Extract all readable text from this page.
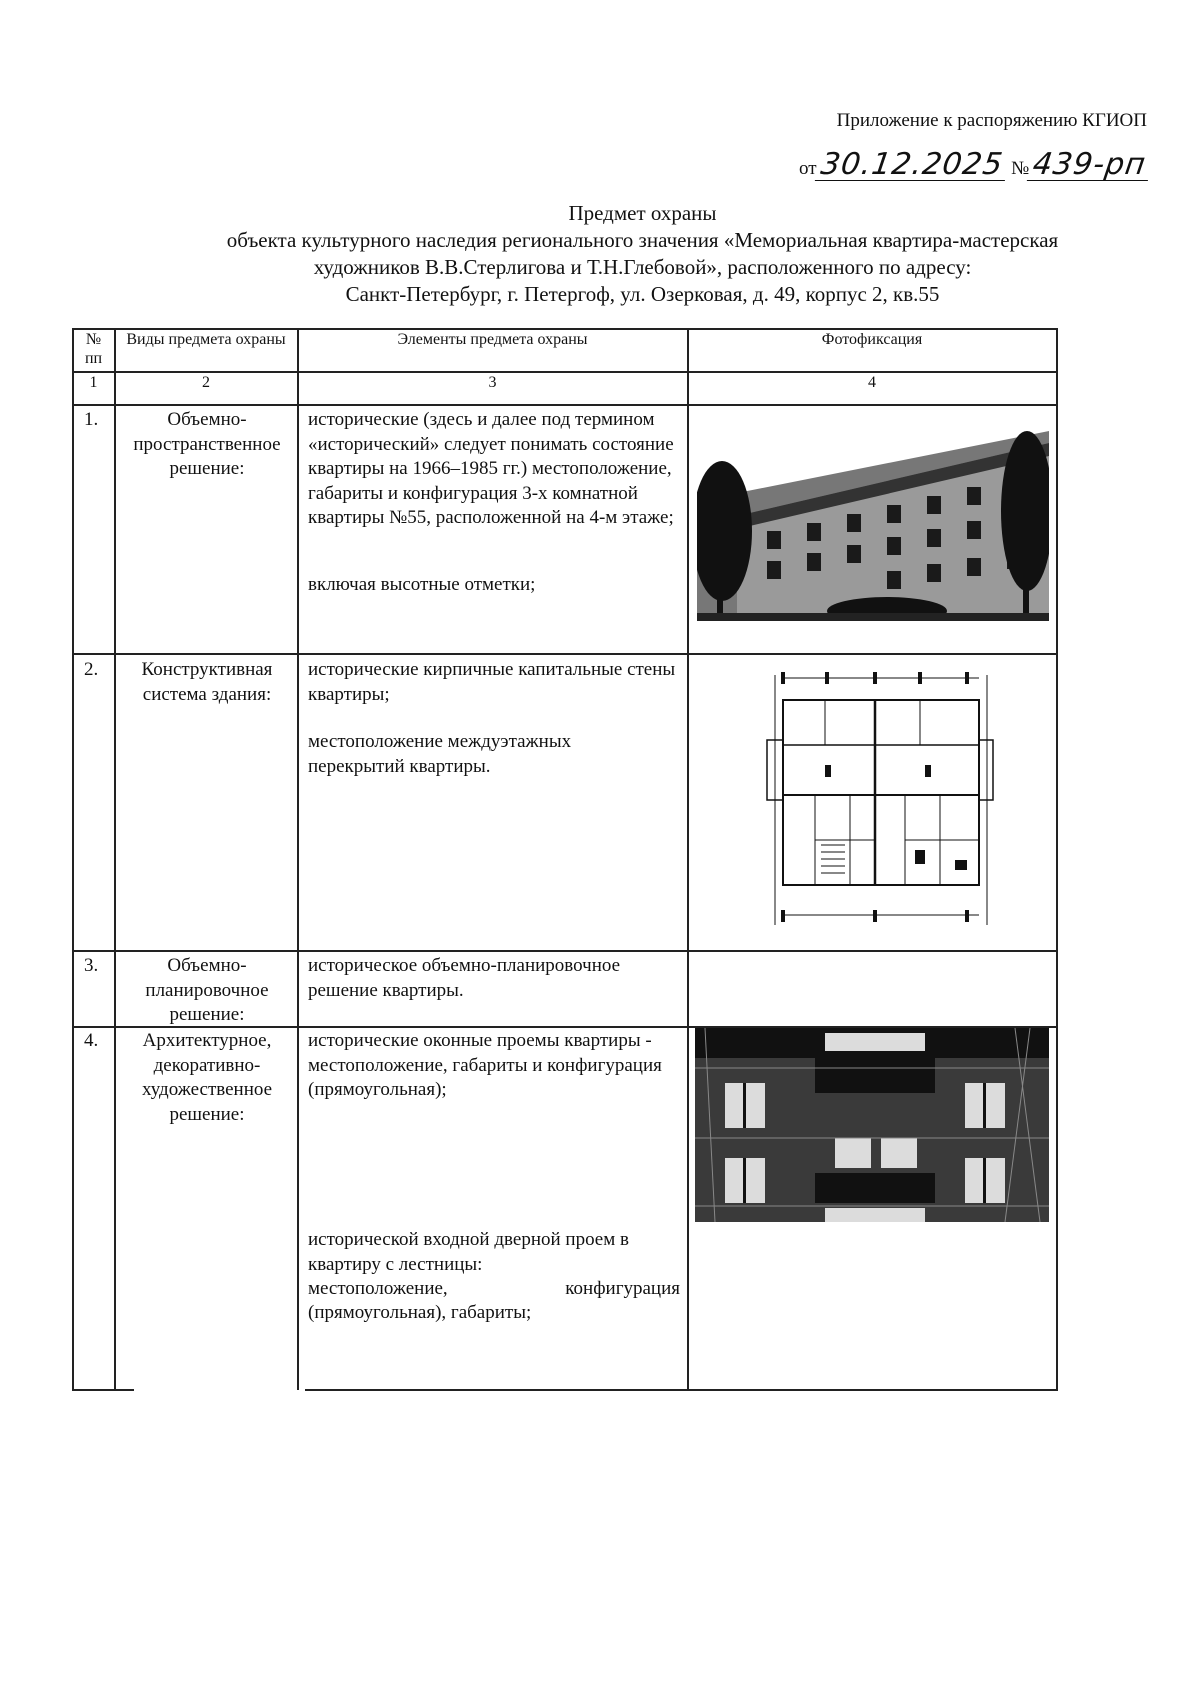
Приложение к распоряжению КГИОП
от30.12.2025 №439-рп
Предмет охраны
объекта культурного наследия регионального значения «Мемориальная квартира-мастерская
художников В.В.Стерлигова и Т.Н.Глебовой», расположенного по адресу:
Санкт-Петербург, г. Петергоф, ул. Озерковая, д. 49, корпус 2, кв.55
№
пп
Виды предмета охраны	Элементы предмета охраны	Фотофиксация
1	2	3	4
1.	Объемно-пространственное решение:
исторические (здесь и далее под термином «исторический» следует понимать состояние квартиры на 1966–1985 гг.) местоположение, габариты и конфигурация 3-х комнатной квартиры №55, расположенной на 4-м этаже;
включая высотные отметки;
2.	Конструктивная система здания:
исторические кирпичные капитальные стены квартиры;
местоположение междуэтажных перекрытий квартиры.
3.	Объемно-планировочное решение:
историческое объемно-планировочное решение квартиры.
4.	Архитектурное, декоративно-художественное решение:
исторические оконные проемы квартиры - местоположение, габариты и конфигурация (прямоугольная);
исторической входной дверной проем в квартиру с лестницы:
местоположение,	конфигурация
(прямоугольная), габариты;
